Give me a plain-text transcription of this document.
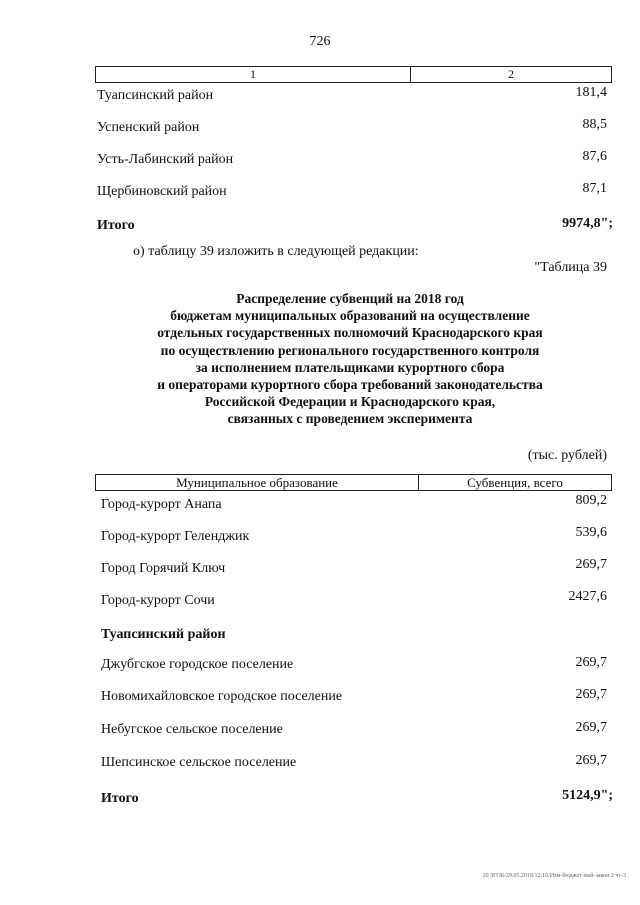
726
1	2
Туапсинский район	181,4
Успенский район	88,5
Усть-Лабинский район	87,6
Щербиновский район	87,1
Итого	9974,8";
о) таблицу 39 изложить в следующей редакции:
"Таблица 39
Распределение субвенций на 2018 год
бюджетам муниципальных образований на осуществление
отдельных государственных полномочий Краснодарского края
по осуществлению регионального государственного контроля
за исполнением плательщиками курортного сбора
и операторами курортного сбора требований законодательства
Российской Федерации и Краснодарского края,
связанных с проведением эксперимента
(тыс. рублей)
Муниципальное образование	Субвенция, всего
Город-курорт Анапа	809,2
Город-курорт Геленджик	539,6
Город Горячий Ключ	269,7
Город-курорт Сочи	2427,6
Туапсинский район
Джубгское городское поселение	269,7
Новомихайловское городское поселение	269,7
Небугское сельское поселение	269,7
Шепсинское сельское поселение	269,7
Итого	5124,9";
20 ЗГОБ/29.05.2018/12:10/Изм-бюджет-май-закон 2 чт-3
